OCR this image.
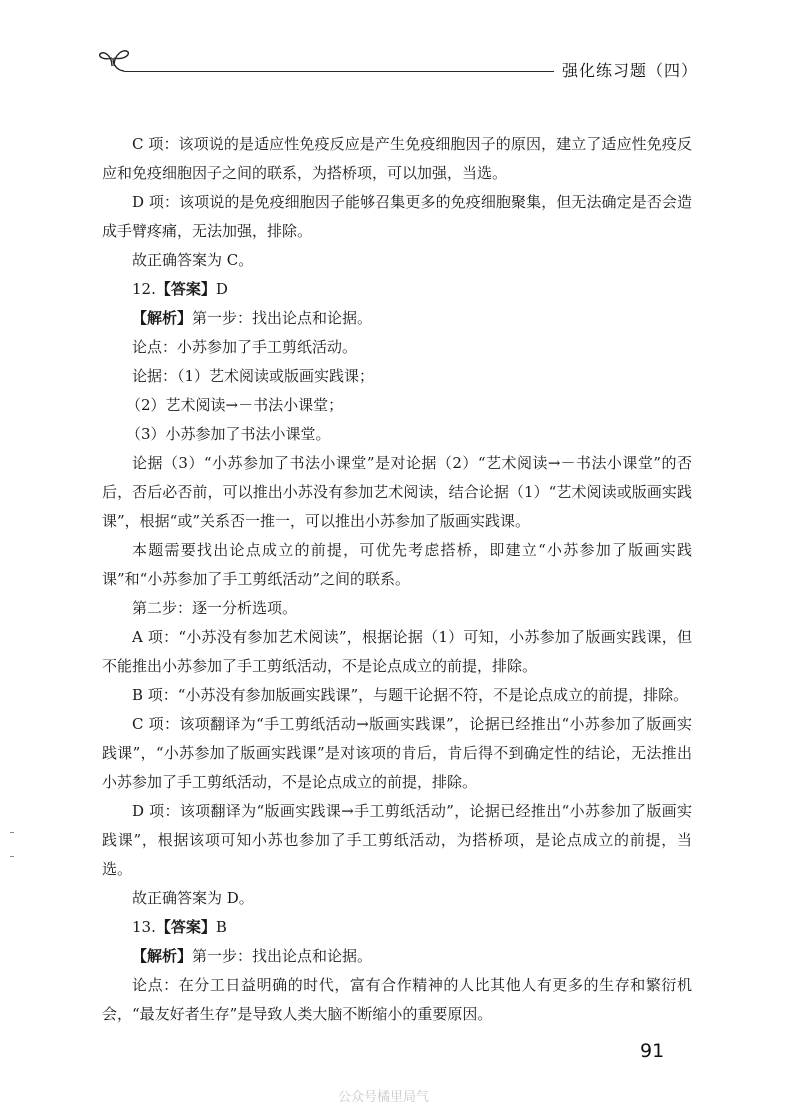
强化练习题（四）

C 项：该项说的是适应性免疫反应是产生免疫细胞因子的原因，建立了适应性免疫反应和免疫细胞因子之间的联系，为搭桥项，可以加强，当选。

D 项：该项说的是免疫细胞因子能够召集更多的免疫细胞聚集，但无法确定是否会造成手臂疼痛，无法加强，排除。

故正确答案为 C。

12.【答案】D

【解析】第一步：找出论点和论据。

论点：小苏参加了手工剪纸活动。

论据：（1）艺术阅读或版画实践课；

（2）艺术阅读→－书法小课堂；

（3）小苏参加了书法小课堂。

论据（3）“小苏参加了书法小课堂”是对论据（2）“艺术阅读→－书法小课堂”的否后，否后必否前，可以推出小苏没有参加艺术阅读，结合论据（1）“艺术阅读或版画实践课”，根据“或”关系否一推一，可以推出小苏参加了版画实践课。

本题需要找出论点成立的前提，可优先考虑搭桥，即建立“小苏参加了版画实践课”和“小苏参加了手工剪纸活动”之间的联系。

第二步：逐一分析选项。

A 项：“小苏没有参加艺术阅读”，根据论据（1）可知，小苏参加了版画实践课，但不能推出小苏参加了手工剪纸活动，不是论点成立的前提，排除。

B 项：“小苏没有参加版画实践课”，与题干论据不符，不是论点成立的前提，排除。

C 项：该项翻译为“手工剪纸活动→版画实践课”，论据已经推出“小苏参加了版画实践课”，“小苏参加了版画实践课”是对该项的肯后，肯后得不到确定性的结论，无法推出小苏参加了手工剪纸活动，不是论点成立的前提，排除。

D 项：该项翻译为“版画实践课→手工剪纸活动”，论据已经推出“小苏参加了版画实践课”，根据该项可知小苏也参加了手工剪纸活动，为搭桥项，是论点成立的前提，当选。

故正确答案为 D。

13.【答案】B

【解析】第一步：找出论点和论据。

论点：在分工日益明确的时代，富有合作精神的人比其他人有更多的生存和繁衍机会，“最友好者生存”是导致人类大脑不断缩小的重要原因。

91
公众号橘里局气
